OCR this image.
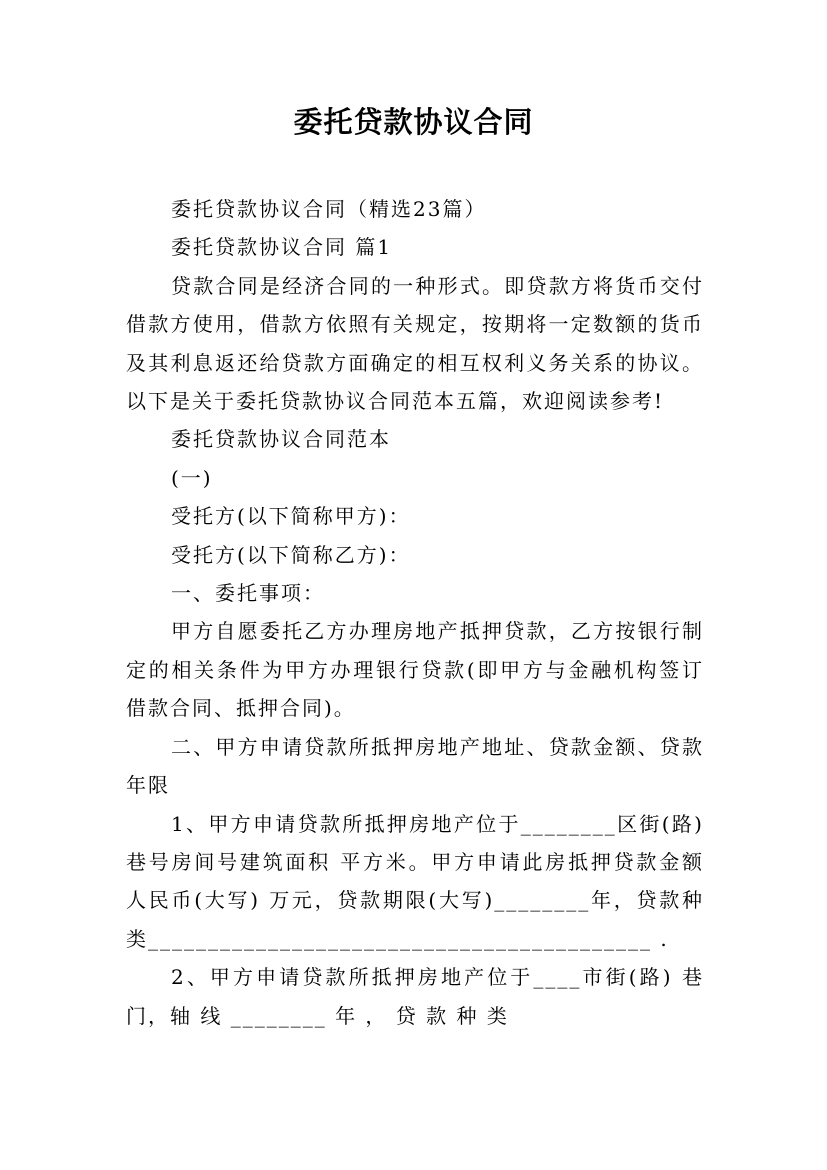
委托贷款协议合同

委托贷款协议合同（精选23篇）

委托贷款协议合同 篇1

贷款合同是经济合同的一种形式。即贷款方将货币交付借款方使用，借款方依照有关规定，按期将一定数额的货币及其利息返还给贷款方面确定的相互权利义务关系的协议。以下是关于委托贷款协议合同范本五篇，欢迎阅读参考!

委托贷款协议合同范本

(一)

受托方(以下简称甲方)：

受托方(以下简称乙方)：

一、委托事项：

甲方自愿委托乙方办理房地产抵押贷款，乙方按银行制定的相关条件为甲方办理银行贷款(即甲方与金融机构签订借款合同、抵押合同)。

二、甲方申请贷款所抵押房地产地址、贷款金额、贷款年限

1、甲方申请贷款所抵押房地产位于________区街(路)巷号房间号建筑面积 平方米。甲方申请此房抵押贷款金额人民币(大写) 万元，贷款期限(大写)________年，贷款种类__________________________________________ .

2、甲方申请贷款所抵押房地产位于____市街(路) 巷门，轴 线 ________ 年 ， 贷 款 种 类
